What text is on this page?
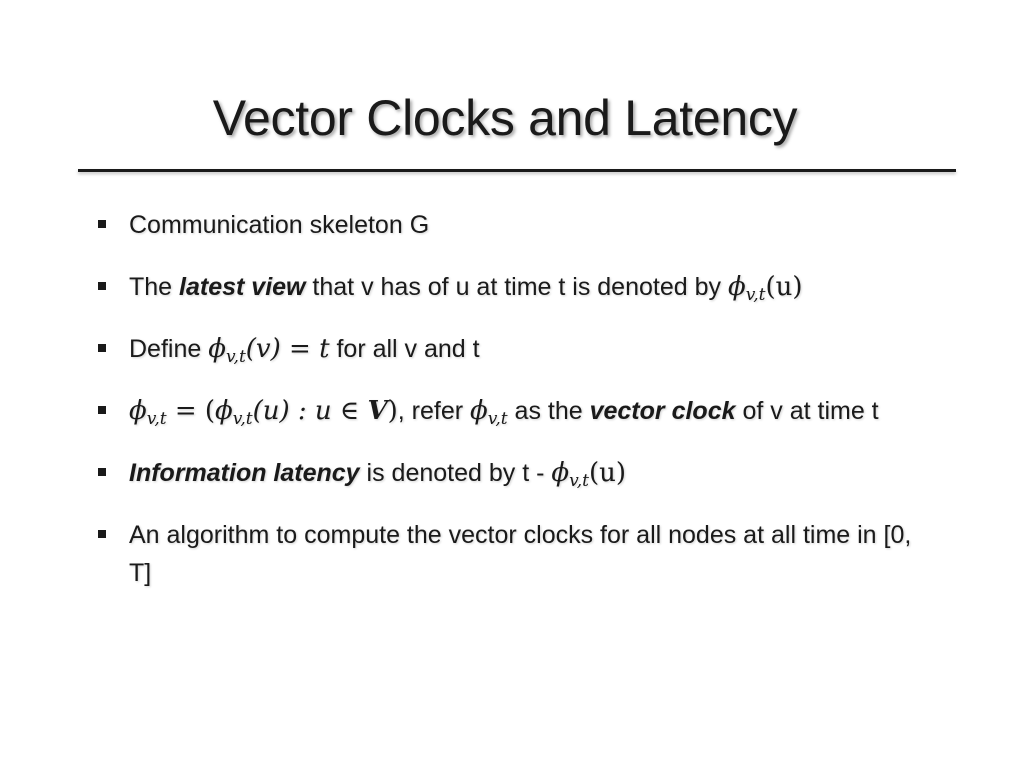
Vector Clocks and Latency
Communication skeleton G
The latest view that v has of u at time t is denoted by $\phi_{v,t}(u)$
Define $\phi_{v,t}(v) = t$ for all v and t
$\phi_{v,t} = (\phi_{v,t}(u)$ : u ∈ V), refer $\phi_{v,t}$ as the vector clock of v at time t
Information latency is denoted by t - $\phi_{v,t}(u)$
An algorithm to compute the vector clocks for all nodes at all time in [0, T]
